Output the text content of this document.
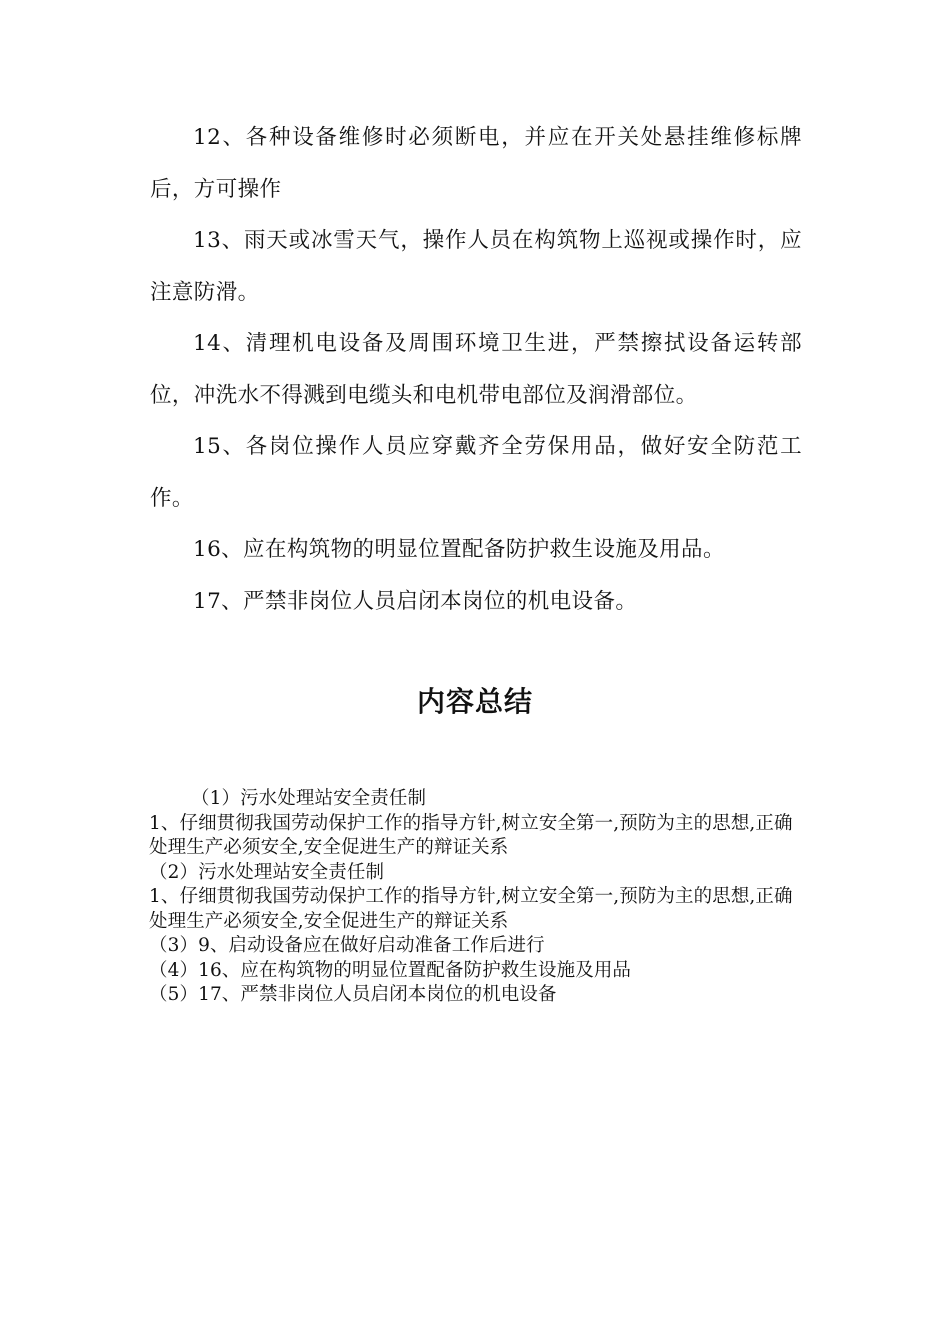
12、各种设备维修时必须断电，并应在开关处悬挂维修标牌后，方可操作

13、雨天或冰雪天气，操作人员在构筑物上巡视或操作时，应注意防滑。

14、清理机电设备及周围环境卫生进，严禁擦拭设备运转部位，冲洗水不得溅到电缆头和电机带电部位及润滑部位。

15、各岗位操作人员应穿戴齐全劳保用品，做好安全防范工作。

16、应在构筑物的明显位置配备防护救生设施及用品。

17、严禁非岗位人员启闭本岗位的机电设备。

内容总结

（1）污水处理站安全责任制

1、仔细贯彻我国劳动保护工作的指导方针,树立安全第一,预防为主的思想,正确处理生产必须安全,安全促进生产的辩证关系

（2）污水处理站安全责任制

1、仔细贯彻我国劳动保护工作的指导方针,树立安全第一,预防为主的思想,正确处理生产必须安全,安全促进生产的辩证关系

（3）9、启动设备应在做好启动准备工作后进行

（4）16、应在构筑物的明显位置配备防护救生设施及用品

（5）17、严禁非岗位人员启闭本岗位的机电设备
